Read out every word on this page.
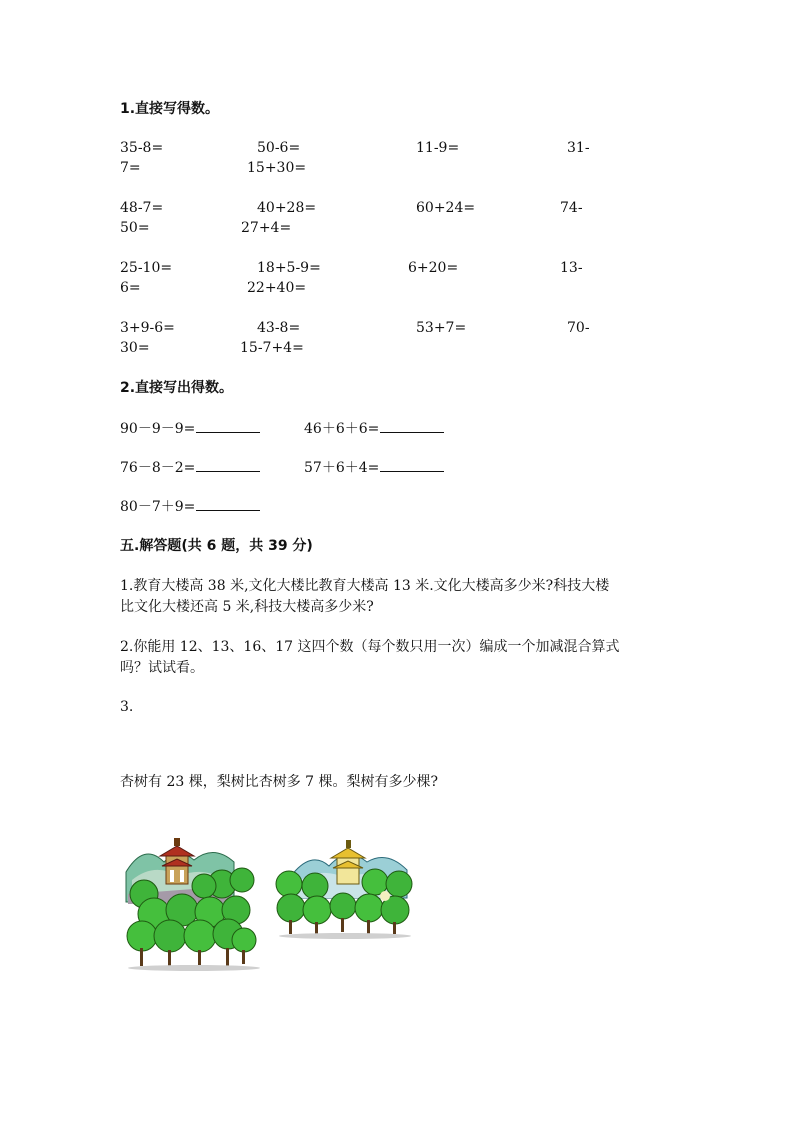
1.直接写得数。
35-8=	50-6=	11-9=	31-
7=	15+30=
48-7=	40+28=	60+24=	74-
50=	27+4=
25-10=	18+5-9=	6+20=	13-
6=	22+40=
3+9-6=	43-8=	53+7=	70-
30=	15-7+4=
2.直接写出得数。
90－9－9=	46＋6＋6=
76－8－2=	57＋6＋4=
80－7＋9=
五.解答题(共 6 题，共 39 分)
1.教育大楼高 38 米,文化大楼比教育大楼高 13 米.文化大楼高多少米?科技大楼
比文化大楼还高 5 米,科技大楼高多少米?
2.你能用 12、13、16、17 这四个数（每个数只用一次）编成一个加减混合算式
吗？试试看。
3.
杏树有 23 棵，梨树比杏树多 7 棵。梨树有多少棵?
